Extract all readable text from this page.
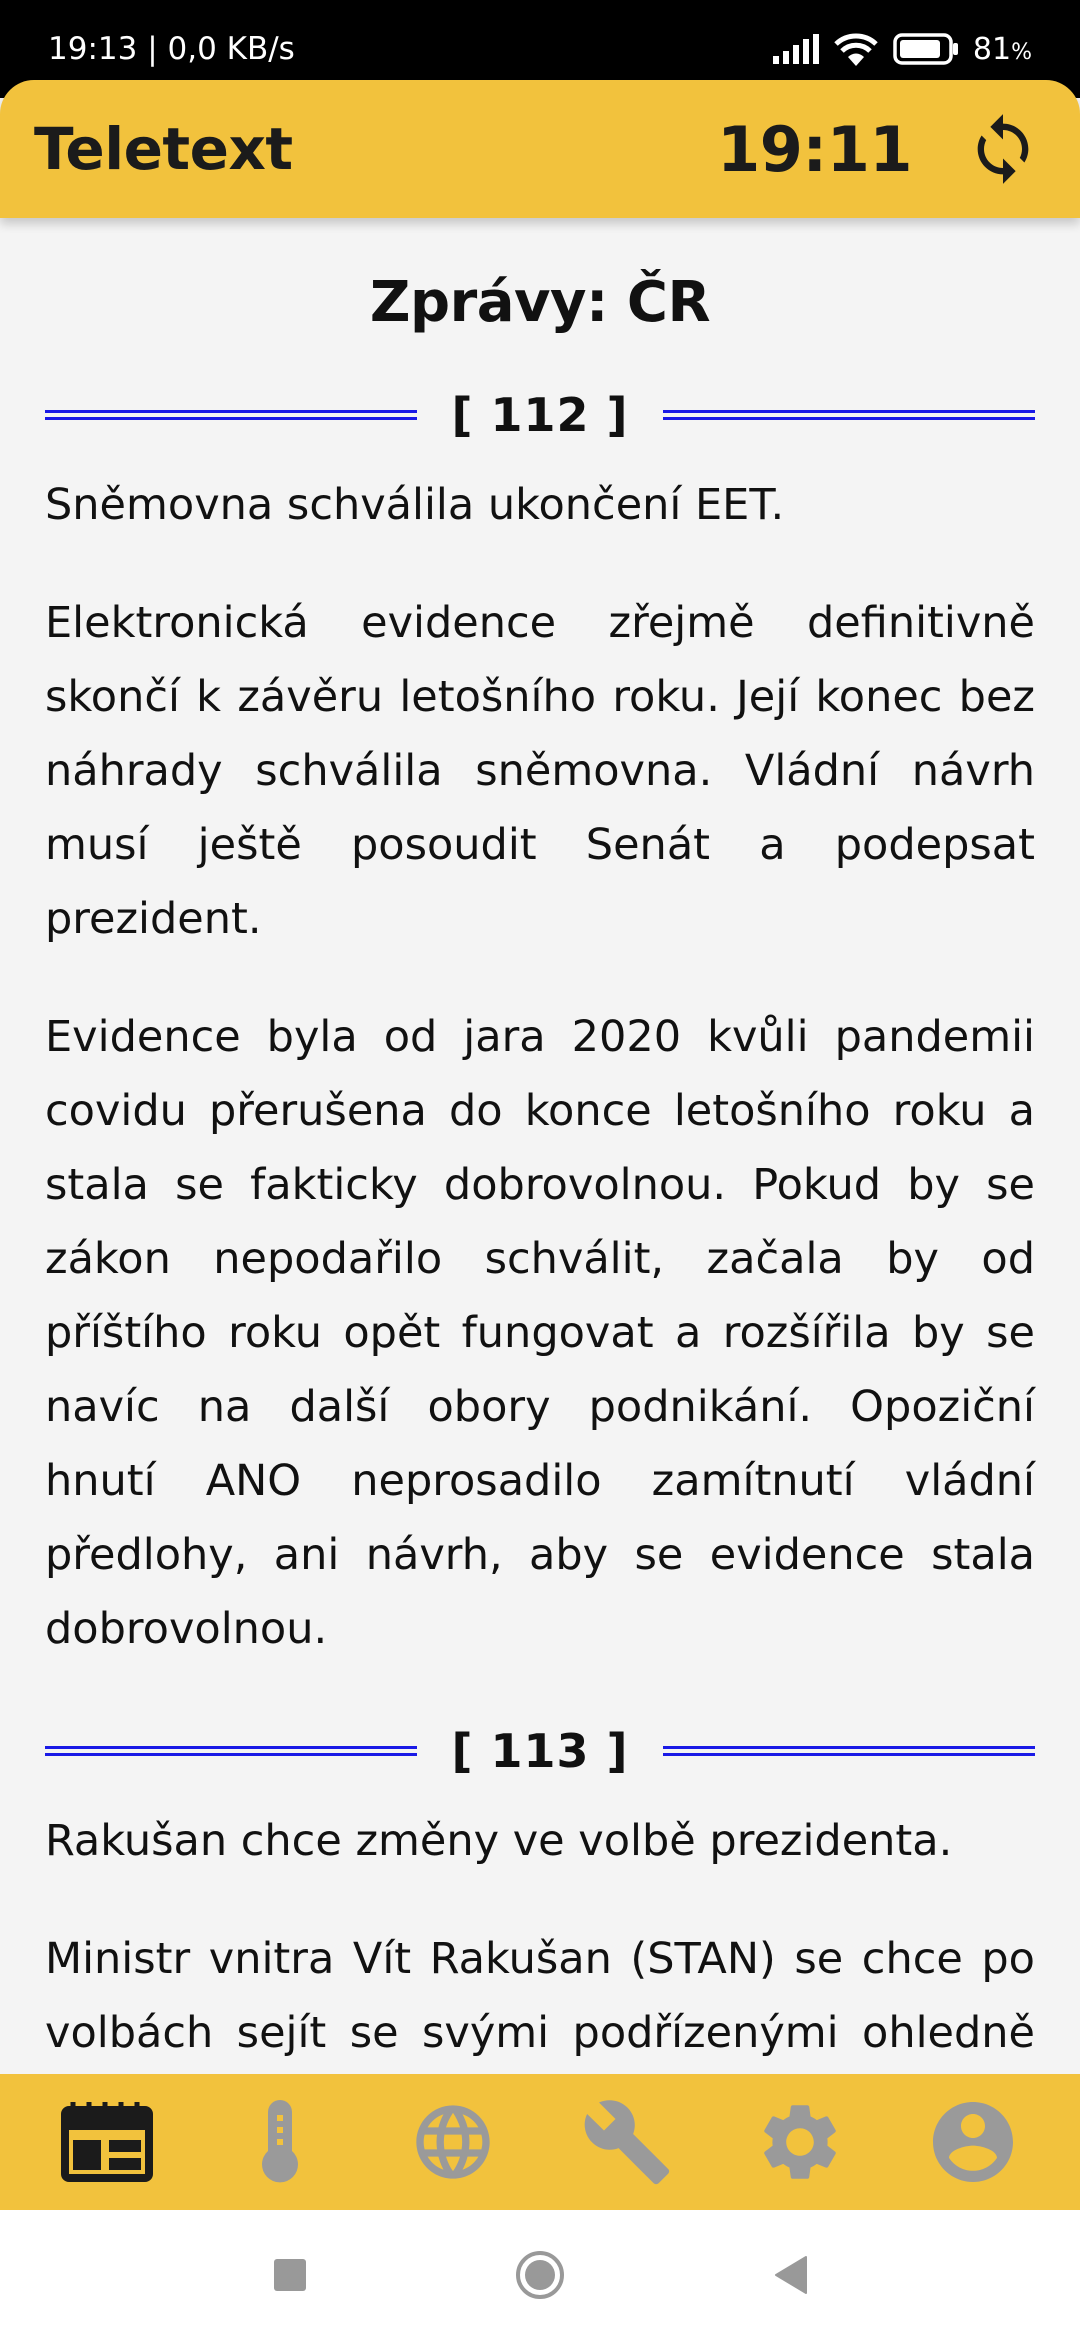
19:13 | 0,0 KB/s	81%
Teletext	19:11
Zprávy: ČR
[ 112 ]
Sněmovna schválila ukončení EET.

Elektronická evidence zřejmě definitivně skončí k závěru letošního roku. Její konec bez náhrady schválila sněmovna. Vládní návrh musí ještě posoudit Senát a podepsat prezident.

Evidence byla od jara 2020 kvůli pandemii covidu přerušena do konce letošního roku a stala se fakticky dobrovolnou. Pokud by se zákon nepodařilo schválit, začala by od příštího roku opět fungovat a rozšířila by se navíc na další obory podnikání. Opoziční hnutí ANO neprosadilo zamítnutí vládní předlohy, ani návrh, aby se evidence stala dobrovolnou.

[ 113 ]
Rakušan chce změny ve volbě prezidenta.

Ministr vnitra Vít Rakušan (STAN) se chce po volbách sejít se svými podřízenými ohledně
